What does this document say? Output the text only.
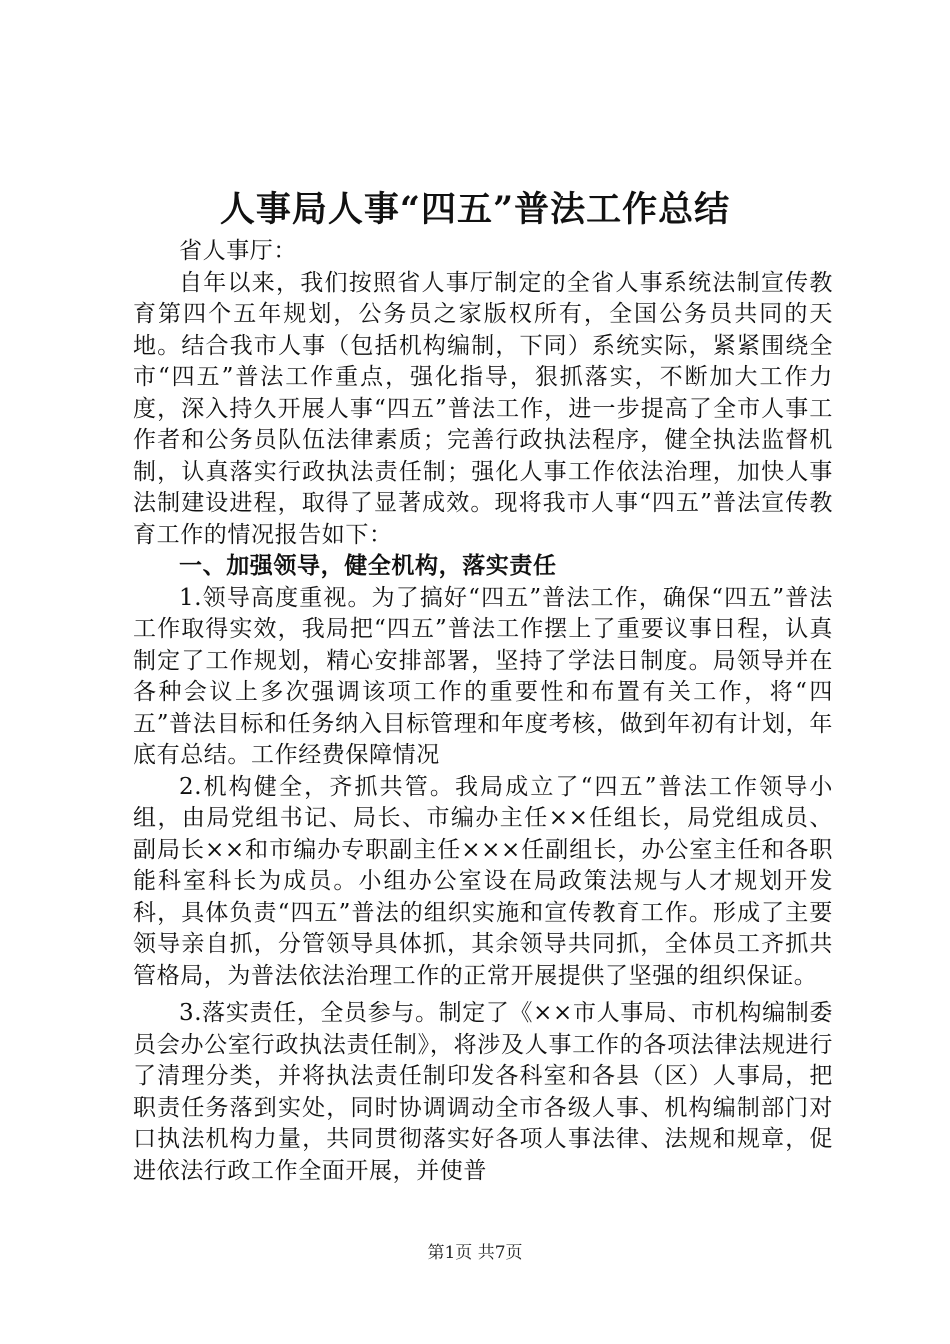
人事局人事“四五”普法工作总结

省人事厅：

自年以来，我们按照省人事厅制定的全省人事系统法制宣传教育第四个五年规划，公务员之家版权所有，全国公务员共同的天地。结合我市人事（包括机构编制，下同）系统实际，紧紧围绕全市“四五”普法工作重点，强化指导，狠抓落实，不断加大工作力度，深入持久开展人事“四五”普法工作，进一步提高了全市人事工作者和公务员队伍法律素质；完善行政执法程序，健全执法监督机制，认真落实行政执法责任制；强化人事工作依法治理，加快人事法制建设进程，取得了显著成效。现将我市人事“四五”普法宣传教育工作的情况报告如下：

一、加强领导，健全机构，落实责任

1.领导高度重视。为了搞好“四五”普法工作，确保“四五”普法工作取得实效，我局把“四五”普法工作摆上了重要议事日程，认真制定了工作规划，精心安排部署，坚持了学法日制度。局领导并在各种会议上多次强调该项工作的重要性和布置有关工作，将“四五”普法目标和任务纳入目标管理和年度考核，做到年初有计划，年底有总结。工作经费保障情况

2.机构健全，齐抓共管。我局成立了“四五”普法工作领导小组，由局党组书记、局长、市编办主任××任组长，局党组成员、副局长××和市编办专职副主任×××任副组长，办公室主任和各职能科室科长为成员。小组办公室设在局政策法规与人才规划开发科，具体负责“四五”普法的组织实施和宣传教育工作。形成了主要领导亲自抓，分管领导具体抓，其余领导共同抓，全体员工齐抓共管格局，为普法依法治理工作的正常开展提供了坚强的组织保证。

3.落实责任，全员参与。制定了《××市人事局、市机构编制委员会办公室行政执法责任制》，将涉及人事工作的各项法律法规进行了清理分类，并将执法责任制印发各科室和各县（区）人事局，把职责任务落到实处，同时协调调动全市各级人事、机构编制部门对口执法机构力量，共同贯彻落实好各项人事法律、法规和规章，促进依法行政工作全面开展，并使普

第1页 共7页
